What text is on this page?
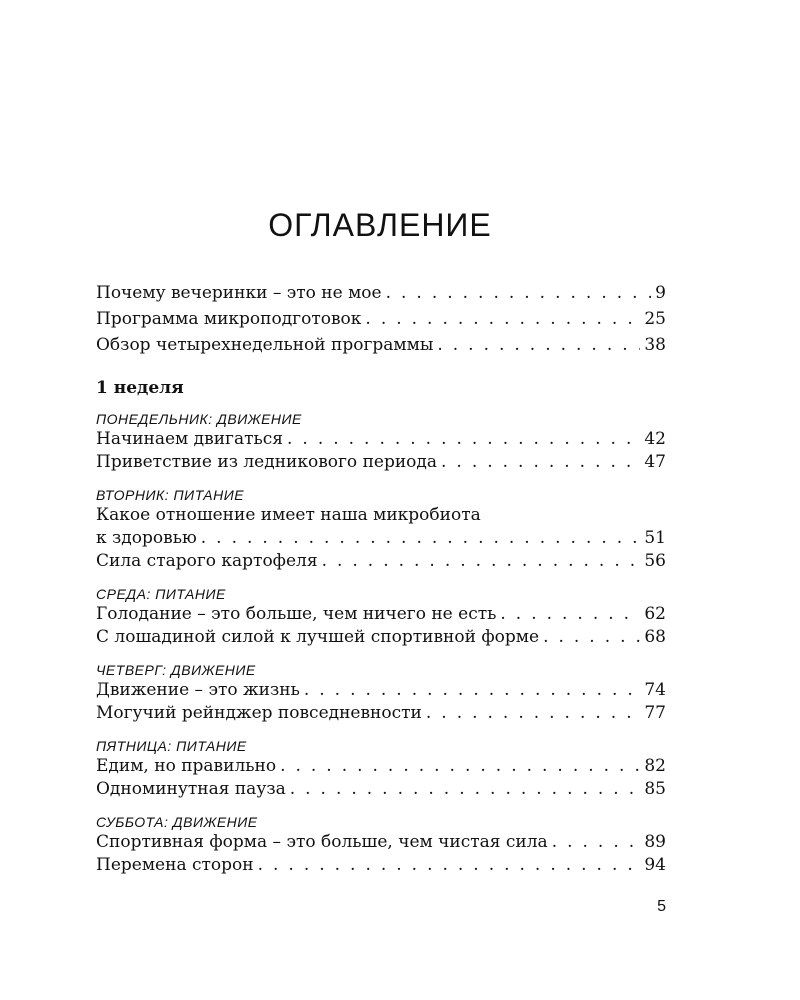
ОГЛАВЛЕНИЕ
Почему вечеринки – это не мое . . .	9
Программа микроподготовок . . .	25
Обзор четырехнедельной программы . . .	38
1 неделя
ПОНЕДЕЛЬНИК: ДВИЖЕНИЕ
Начинаем двигаться . . .	42
Приветствие из ледникового периода . . .	47
ВТОРНИК: ПИТАНИЕ
Какое отношение имеет наша микробиота
к здоровью . . .	51
Сила старого картофеля . . .	56
СРЕДА: ПИТАНИЕ
Голодание – это больше, чем ничего не есть . . .	62
С лошадиной силой к лучшей спортивной форме . . .	68
ЧЕТВЕРГ: ДВИЖЕНИЕ
Движение – это жизнь . . .	74
Могучий рейнджер повседневности . . .	77
ПЯТНИЦА: ПИТАНИЕ
Едим, но правильно . . .	82
Одноминутная пауза . . .	85
СУББОТА: ДВИЖЕНИЕ
Спортивная форма – это больше, чем чистая сила . . .	89
Перемена сторон . . .	94
5
